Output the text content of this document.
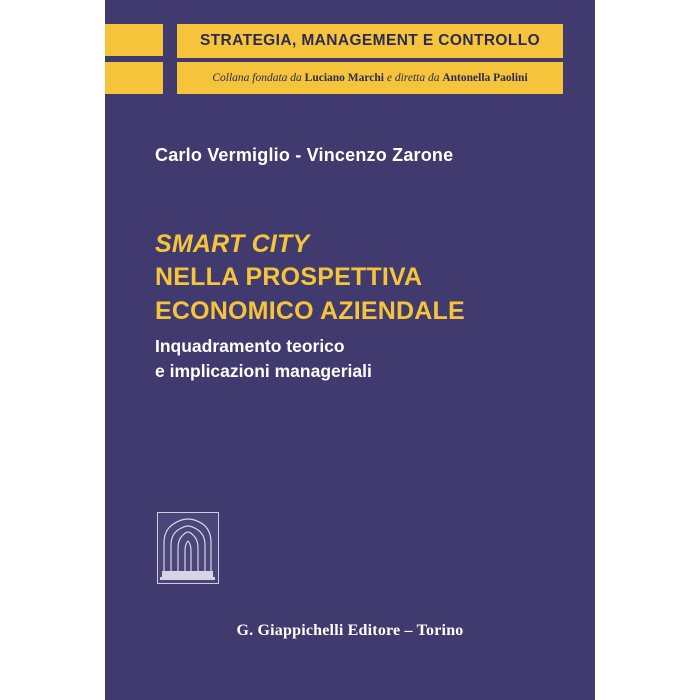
STRATEGIA, MANAGEMENT E CONTROLLO
Collana fondata da Luciano Marchi e diretta da Antonella Paolini
Carlo Vermiglio - Vincenzo Zarone
SMART CITY
NELLA PROSPETTIVA
ECONOMICO AZIENDALE
Inquadramento teorico
e implicazioni manageriali
G. Giappichelli Editore – Torino
